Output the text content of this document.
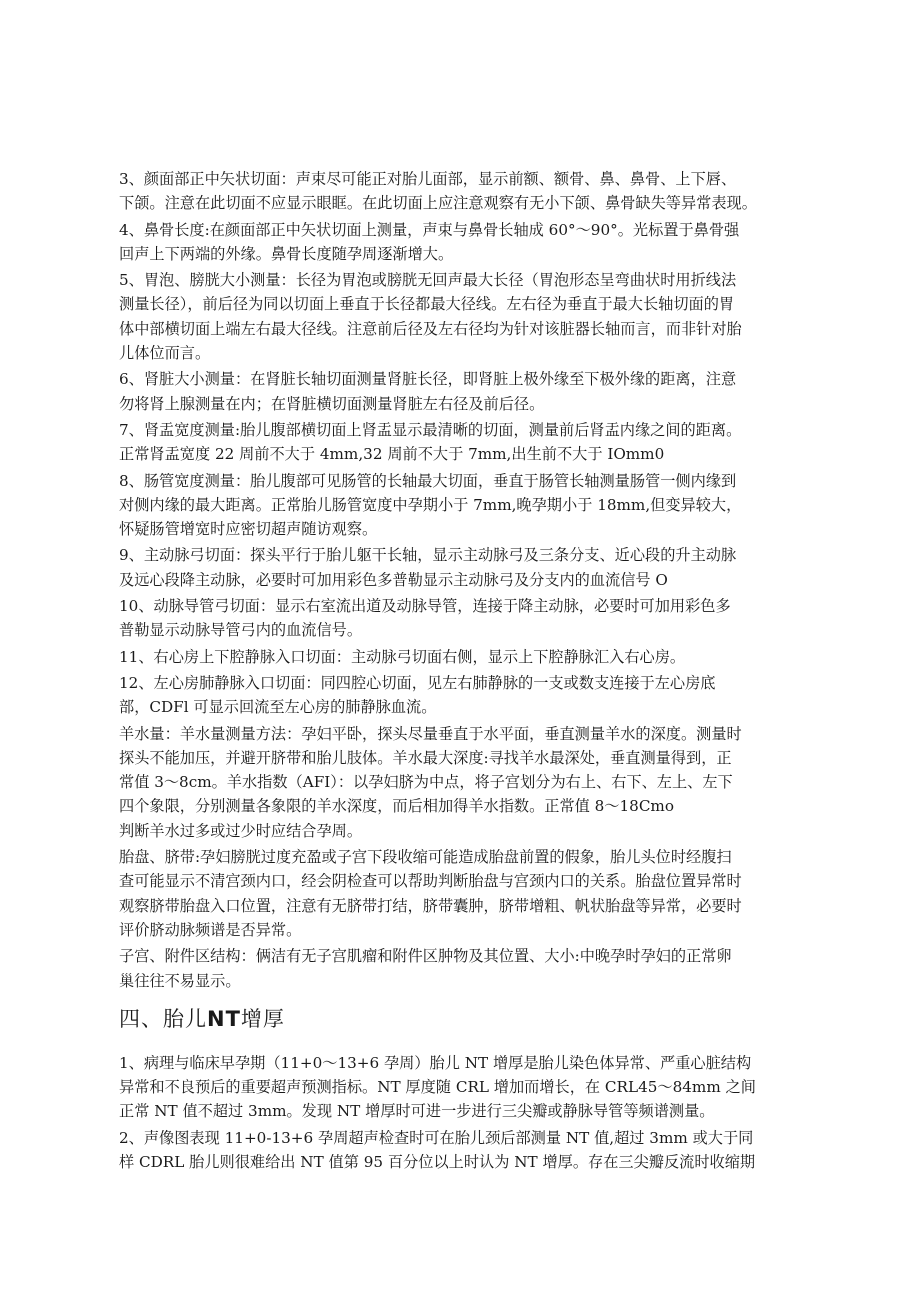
3、颜面部正中矢状切面：声束尽可能正对胎儿面部，显示前额、额骨、鼻、鼻骨、上下唇、
下颌。注意在此切面不应显示眼眶。在此切面上应注意观察有无小下颌、鼻骨缺失等异常表现。

4、鼻骨长度:在颜面部正中矢状切面上测量，声束与鼻骨长轴成 60°～90°。光标置于鼻骨强
回声上下两端的外缘。鼻骨长度随孕周逐渐增大。

5、胃泡、膀胱大小测量：长径为胃泡或膀胱无回声最大长径（胃泡形态呈弯曲状时用折线法
测量长径），前后径为同以切面上垂直于长径都最大径线。左右径为垂直于最大长轴切面的胃
体中部横切面上端左右最大径线。注意前后径及左右径均为针对该脏器长轴而言，而非针对胎
儿体位而言。

6、肾脏大小测量：在肾脏长轴切面测量肾脏长径，即肾脏上极外缘至下极外缘的距离，注意
勿将肾上腺测量在内；在肾脏横切面测量肾脏左右径及前后径。

7、肾盂宽度测量:胎儿腹部横切面上肾盂显示最清晰的切面，测量前后肾盂内缘之间的距离。
正常肾盂宽度 22 周前不大于 4mm,32 周前不大于 7mm,出生前不大于 IOmm0

8、肠管宽度测量：胎儿腹部可见肠管的长轴最大切面，垂直于肠管长轴测量肠管一侧内缘到
对侧内缘的最大距离。正常胎儿肠管宽度中孕期小于 7mm,晚孕期小于 18mm,但变异较大，
怀疑肠管增宽时应密切超声随访观察。

9、主动脉弓切面：探头平行于胎儿躯干长轴，显示主动脉弓及三条分支、近心段的升主动脉
及远心段降主动脉，必要时可加用彩色多普勒显示主动脉弓及分支内的血流信号 O

10、动脉导管弓切面：显示右室流出道及动脉导管，连接于降主动脉，必要时可加用彩色多
普勒显示动脉导管弓内的血流信号。

11、右心房上下腔静脉入口切面：主动脉弓切面右侧，显示上下腔静脉汇入右心房。

12、左心房肺静脉入口切面：同四腔心切面，见左右肺静脉的一支或数支连接于左心房底
部，CDFl 可显示回流至左心房的肺静脉血流。

羊水量：羊水量测量方法：孕妇平卧，探头尽量垂直于水平面，垂直测量羊水的深度。测量时
探头不能加压，并避开脐带和胎儿肢体。羊水最大深度:寻找羊水最深处，垂直测量得到，正
常值 3～8cm。羊水指数（AFI）：以孕妇脐为中点，将子宫划分为右上、右下、左上、左下
四个象限，分别测量各象限的羊水深度，而后相加得羊水指数。正常值 8～18Cmo
判断羊水过多或过少时应结合孕周。

胎盘、脐带:孕妇膀胱过度充盈或子宫下段收缩可能造成胎盘前置的假象，胎儿头位时经腹扫
查可能显示不清宫颈内口，经会阴检查可以帮助判断胎盘与宫颈内口的关系。胎盘位置异常时
观察脐带胎盘入口位置，注意有无脐带打结，脐带囊肿，脐带增粗、帆状胎盘等异常，必要时
评价脐动脉频谱是否异常。

子宫、附件区结构：俩洁有无子宫肌瘤和附件区肿物及其位置、大小:中晚孕时孕妇的正常卵
巢往往不易显示。

四、胎儿NT增厚

1、病理与临床早孕期（11+0～13+6 孕周）胎儿 NT 增厚是胎儿染色体异常、严重心脏结构
异常和不良预后的重要超声预测指标。NT 厚度随 CRL 增加而增长，在 CRL45～84mm 之间
正常 NT 值不超过 3mm。发现 NT 增厚时可进一步进行三尖瓣或静脉导管等频谱测量。

2、声像图表现 11+0-13+6 孕周超声检查时可在胎儿颈后部测量 NT 值,超过 3mm 或大于同
样 CDRL 胎儿则很难给出 NT 值第 95 百分位以上时认为 NT 增厚。存在三尖瓣反流时收缩期
